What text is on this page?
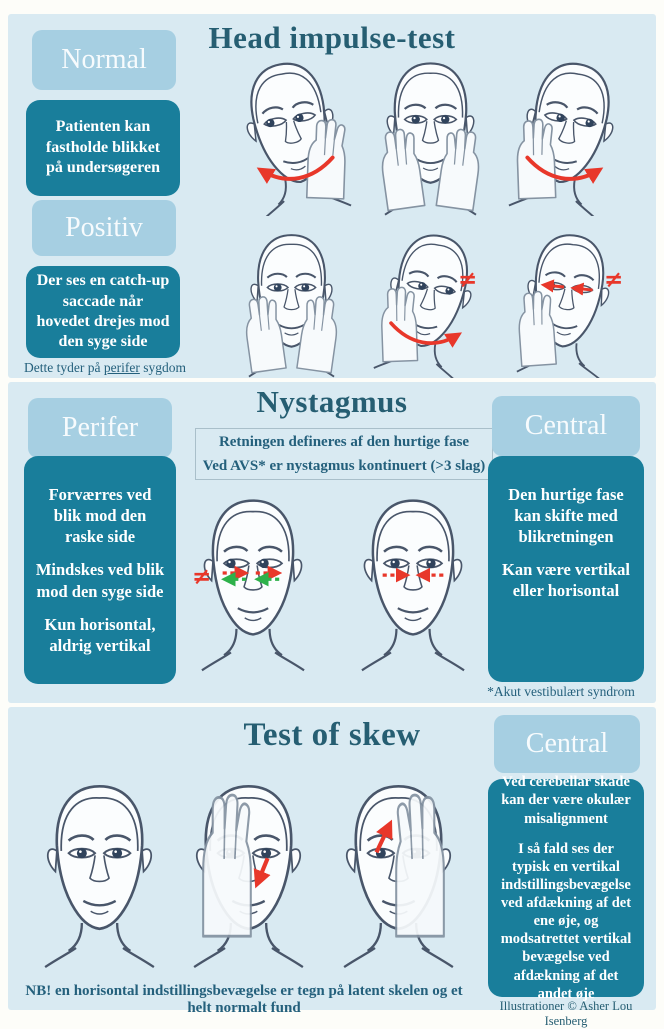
Head impulse-test
Normal

Patienten kan fastholde blikket på undersøgeren

Positiv

Der ses en catch-up saccade når hovedet drejes mod den syge side

Dette tyder på perifer sygdom
≠	≠
Nystagmus
Retningen defineres af den hurtige fase
Ved AVS* er nystagmus kontinuert (>3 slag)
Perifer

Forværres ved blik mod den raske side

Mindskes ved blik mod den syge side

Kun horisontal, aldrig vertikal

Central

Den hurtige fase kan skifte med blikretningen

Kan være vertikal eller horisontal

*Akut vestibulært syndrom
≠
Test of skew	Central

Ved cerebellar skade kan der være okulær misalignment

I så fald ses der typisk en vertikal indstillingsbevægelse ved afdækning af det ene øje, og modsatrettet vertikal bevægelse ved afdækning af det andet øje

Illustrationer © Asher Lou Isenberg
NB! en horisontal indstillingsbevægelse er tegn på latent skelen og et helt normalt fund
